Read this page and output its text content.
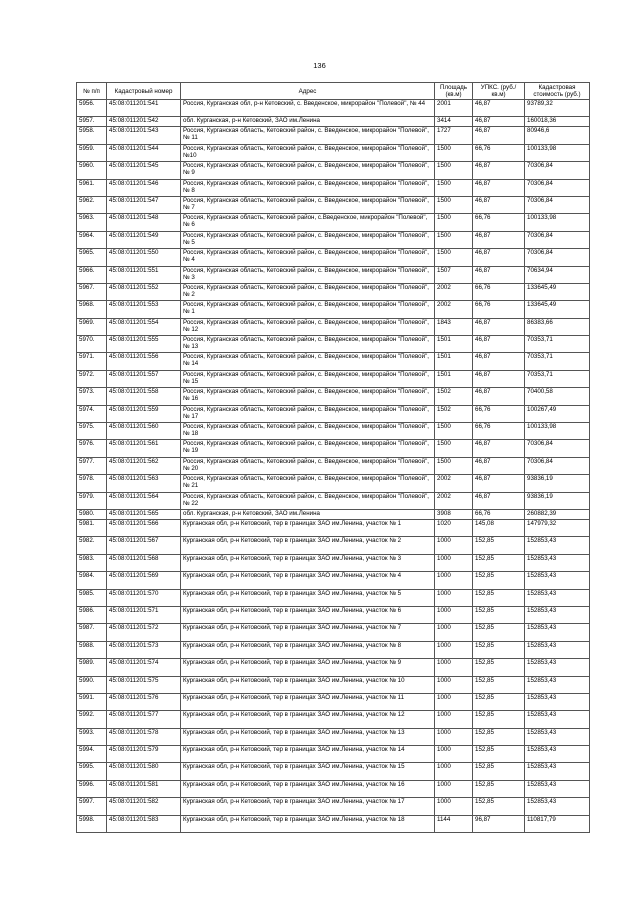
136
№ п/п	Кадастровый номер	Адрес	Площадь (кв.м)	УПКС. (руб./кв.м)	Кадастровая стоимость (руб.)
5956.	45:08:011201:541	Россия, Курганская обл, р-н Кетовский, с. Введенское, микрорайон "Полевой", № 44	2001	46,87	93789,32
5957.	45:08:011201:542	обл. Курганская, р-н Кетовский, ЗАО им.Ленина	3414	46,87	160018,36
5958.	45:08:011201:543	Россия, Курганская область, Кетовский район, с. Введенское, микрорайон "Полевой", № 11	1727	46,87	80946,6
5959.	45:08:011201:544	Россия, Курганская область, Кетовский район, с. Введенское, микрорайон "Полевой", №10	1500	66,76	100133,98
5960.	45:08:011201:545	Россия, Курганская область, Кетовский район, с. Введенское, микрорайон "Полевой", № 9	1500	46,87	70306,84
5961.	45:08:011201:546	Россия, Курганская область, Кетовский район, с. Введенское, микрорайон "Полевой", № 8	1500	46,87	70306,84
5962.	45:08:011201:547	Россия, Курганская область, Кетовский район, с. Введенское, микрорайон "Полевой", № 7	1500	46,87	70306,84
5963.	45:08:011201:548	Россия, Курганская область, Кетовский район, с.Введенское, микрорайон "Полевой", № 6	1500	66,76	100133,98
5964.	45:08:011201:549	Россия, Курганская область, Кетовский район, с. Введенское, микрорайон "Полевой", № 5	1500	46,87	70306,84
5965.	45:08:011201:550	Россия, Курганская область, Кетовский район, с. Введенское, микрорайон "Полевой", № 4	1500	46,87	70306,84
5966.	45:08:011201:551	Россия, Курганская область, Кетовский район, с. Введенское, микрорайон "Полевой", № 3	1507	46,87	70634,94
5967.	45:08:011201:552	Россия, Курганская область, Кетовский район, с. Введенское, микрорайон "Полевой", № 2	2002	66,76	133645,49
5968.	45:08:011201:553	Россия, Курганская область, Кетовский район, с. Введенское, микрорайон "Полевой", № 1	2002	66,76	133645,49
5969.	45:08:011201:554	Россия, Курганская область, Кетовский район, с. Введенское, микрорайон "Полевой", № 12	1843	46,87	86383,66
5970.	45:08:011201:555	Россия, Курганская область, Кетовский район, с. Введенское, микрорайон "Полевой", № 13	1501	46,87	70353,71
5971.	45:08:011201:556	Россия, Курганская область, Кетовский район, с. Введенское, микрорайон "Полевой", № 14	1501	46,87	70353,71
5972.	45:08:011201:557	Россия, Курганская область, Кетовский район, с. Введенское, микрорайон "Полевой", № 15	1501	46,87	70353,71
5973.	45:08:011201:558	Россия, Курганская область, Кетовский район, с. Введенское, микрорайон "Полевой", № 16	1502	46,87	70400,58
5974.	45:08:011201:559	Россия, Курганская область, Кетовский район, с. Введенское, микрорайон "Полевой", № 17	1502	66,76	100267,49
5975.	45:08:011201:560	Россия, Курганская область, Кетовский район, с. Введенское, микрорайон "Полевой", № 18	1500	66,76	100133,98
5976.	45:08:011201:561	Россия, Курганская область, Кетовский район, с. Введенское, микрорайон "Полевой", № 19	1500	46,87	70306,84
5977.	45:08:011201:562	Россия, Курганская область, Кетовский район, с. Введенское, микрорайон "Полевой", № 20	1500	46,87	70306,84
5978.	45:08:011201:563	Россия, Курганская область, Кетовский район, с. Введенское, микрорайон "Полевой", № 21	2002	46,87	93836,19
5979.	45:08:011201:564	Россия, Курганская область, Кетовский район, с. Введенское, микрорайон "Полевой", № 22	2002	46,87	93836,19
5980.	45:08:011201:565	обл. Курганская, р-н Кетовский, ЗАО им.Ленина	3908	66,76	260882,39
5981.	45:08:011201:566	Курганская обл, р-н Кетовский, тер в границах ЗАО им.Ленина, участок № 1	1020	145,08	147979,32
5982.	45:08:011201:567	Курганская обл, р-н Кетовский, тер в границах ЗАО им.Ленина, участок № 2	1000	152,85	152853,43
5983.	45:08:011201:568	Курганская обл, р-н Кетовский, тер в границах ЗАО им.Ленина, участок № 3	1000	152,85	152853,43
5984.	45:08:011201:569	Курганская обл, р-н Кетовский, тер в границах ЗАО им.Ленина, участок № 4	1000	152,85	152853,43
5985.	45:08:011201:570	Курганская обл, р-н Кетовский, тер в границах ЗАО им.Ленина, участок № 5	1000	152,85	152853,43
5986.	45:08:011201:571	Курганская обл, р-н Кетовский, тер в границах ЗАО им.Ленина, участок № 6	1000	152,85	152853,43
5987.	45:08:011201:572	Курганская обл, р-н Кетовский, тер в границах ЗАО им.Ленина, участок № 7	1000	152,85	152853,43
5988.	45:08:011201:573	Курганская обл, р-н Кетовский, тер в границах ЗАО им.Ленина, участок № 8	1000	152,85	152853,43
5989.	45:08:011201:574	Курганская обл, р-н Кетовский, тер в границах ЗАО им.Ленина, участок № 9	1000	152,85	152853,43
5990.	45:08:011201:575	Курганская обл, р-н Кетовский, тер в границах ЗАО им.Ленина, участок № 10	1000	152,85	152853,43
5991.	45:08:011201:576	Курганская обл, р-н Кетовский, тер в границах ЗАО им.Ленина, участок № 11	1000	152,85	152853,43
5992.	45:08:011201:577	Курганская обл, р-н Кетовский, тер в границах ЗАО им.Ленина, участок № 12	1000	152,85	152853,43
5993.	45:08:011201:578	Курганская обл, р-н Кетовский, тер в границах ЗАО им.Ленина, участок № 13	1000	152,85	152853,43
5994.	45:08:011201:579	Курганская обл, р-н Кетовский, тер в границах ЗАО им.Ленина, участок № 14	1000	152,85	152853,43
5995.	45:08:011201:580	Курганская обл, р-н Кетовский, тер в границах ЗАО им.Ленина, участок № 15	1000	152,85	152853,43
5996.	45:08:011201:581	Курганская обл, р-н Кетовский, тер в границах ЗАО им.Ленина, участок № 16	1000	152,85	152853,43
5997.	45:08:011201:582	Курганская обл, р-н Кетовский, тер в границах ЗАО им.Ленина, участок № 17	1000	152,85	152853,43
5998.	45:08:011201:583	Курганская обл, р-н Кетовский, тер в границах ЗАО им.Ленина, участок № 18	1144	96,87	110817,79
